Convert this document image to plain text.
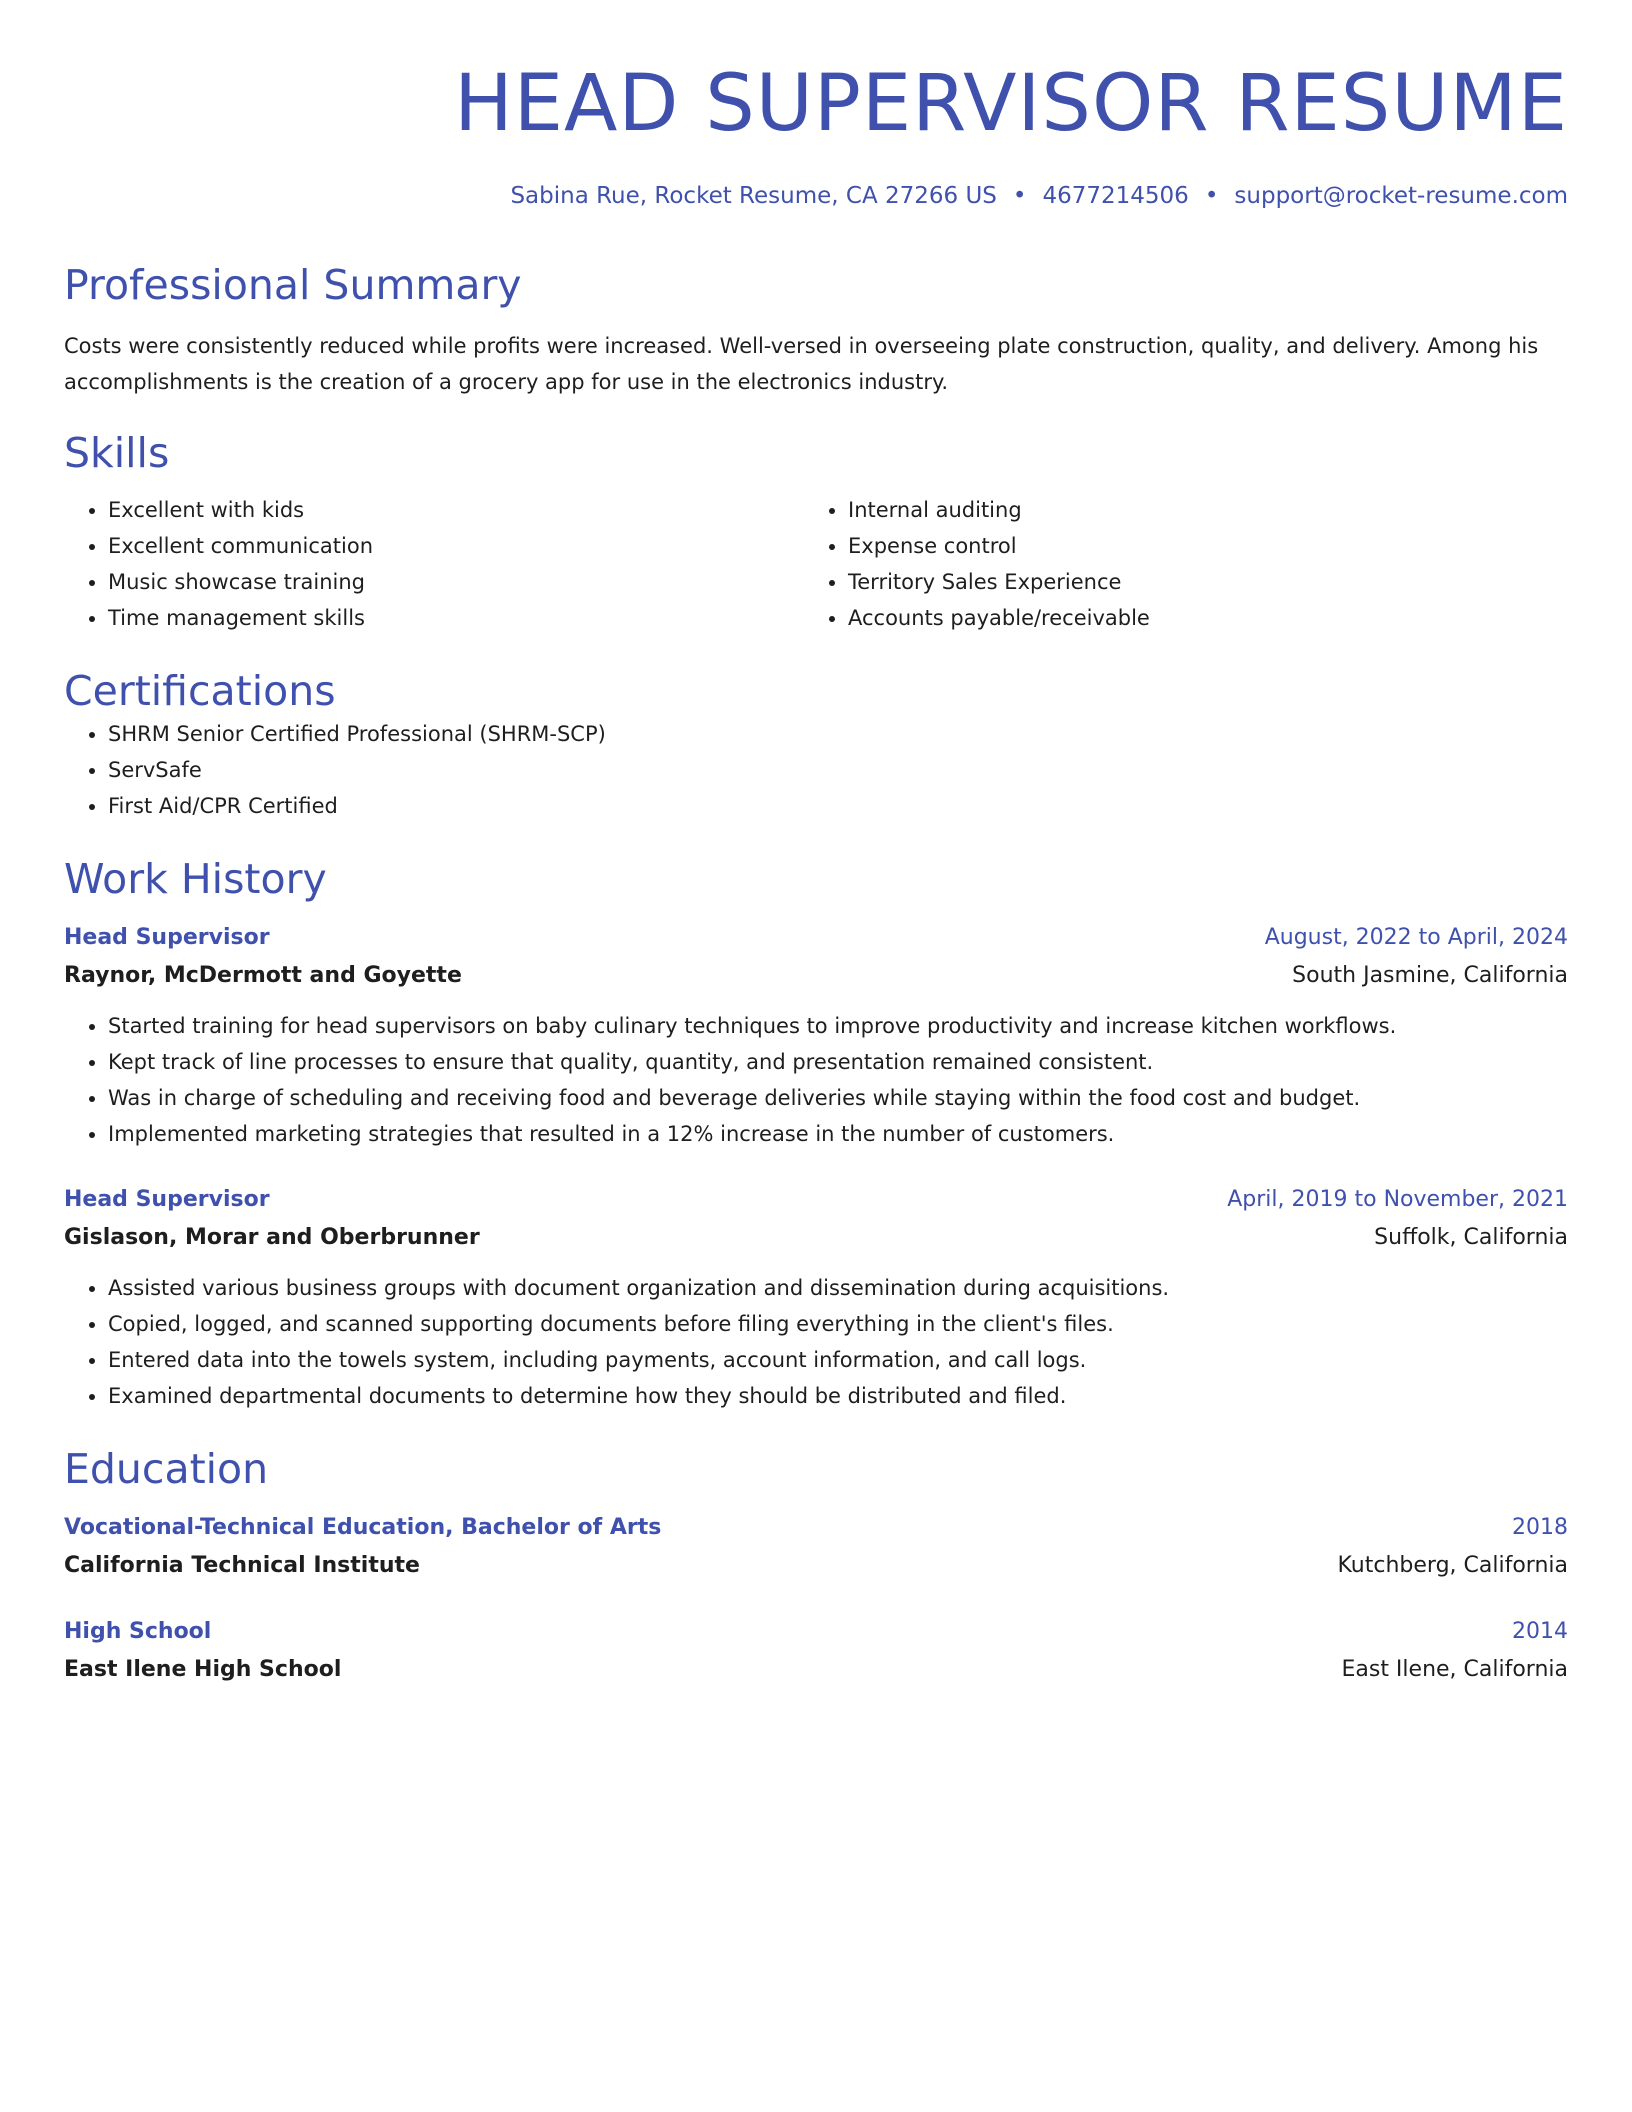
HEAD SUPERVISOR RESUME
Sabina Rue, Rocket Resume, CA 27266 US • 4677214506 • support@rocket-resume.com
Professional Summary

Costs were consistently reduced while profits were increased. Well-versed in overseeing plate construction, quality, and delivery. Among his accomplishments is the creation of a grocery app for use in the electronics industry.

Skills
• Excellent with kids
• Excellent communication
• Music showcase training
• Time management skills
• Internal auditing
• Expense control
• Territory Sales Experience
• Accounts payable/receivable
Certifications
• SHRM Senior Certified Professional (SHRM-SCP)
• ServSafe
• First Aid/CPR Certified
Work History
Head Supervisor	August, 2022 to April, 2024
Raynor, McDermott and Goyette	South Jasmine, California
• Started training for head supervisors on baby culinary techniques to improve productivity and increase kitchen workflows.
• Kept track of line processes to ensure that quality, quantity, and presentation remained consistent.
• Was in charge of scheduling and receiving food and beverage deliveries while staying within the food cost and budget.
• Implemented marketing strategies that resulted in a 12% increase in the number of customers.
Head Supervisor	April, 2019 to November, 2021
Gislason, Morar and Oberbrunner	Suffolk, California
• Assisted various business groups with document organization and dissemination during acquisitions.
• Copied, logged, and scanned supporting documents before filing everything in the client's files.
• Entered data into the towels system, including payments, account information, and call logs.
• Examined departmental documents to determine how they should be distributed and filed.
Education
Vocational-Technical Education, Bachelor of Arts	2018
California Technical Institute	Kutchberg, California
High School	2014
East Ilene High School	East Ilene, California
